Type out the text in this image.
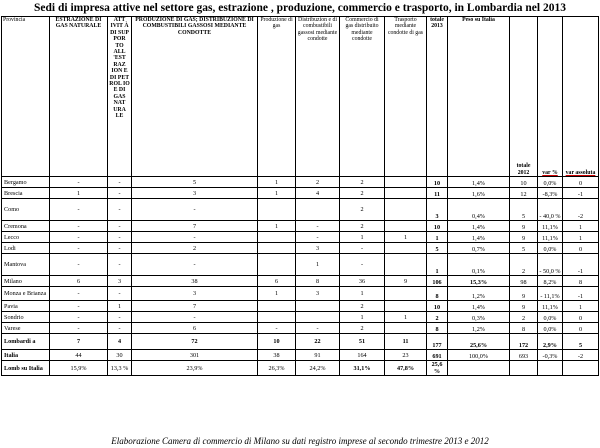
Sedi di impresa attive nel settore gas, estrazione , produzione, commercio e trasporto, in Lombardia nel 2013
Provincia	ESTRAZIONE DI GAS NATURALE	ATT IVIT À DI SUP POR TO ALL 'EST RAZ ION E DI PET ROL IO E DI GAS NAT URA LE	PRODUZIONE DI GAS; DISTRIBUZIONE DI COMBUSTIBILI GASSOSI MEDIANTE CONDOTTE	Produzione di gas	Distribuzion e di combustibili gassosi mediante condotte	Commercio di gas distribuito mediante condotte	Trasporto mediante condotte di gas	totale 2013	Peso su Italia	totale 2012	var %	var assoluta
Bergamo	-	-	5	1	2	2		10	1,4%	10	0,0%	0
Brescia	1	-	3	1	4	2		11	1,6%	12	-8,3%	-1
Como	-	-	-			2		3	0,4%	5	- 40,0 %	-2
Cremona	-	-	7	1	-	2		10	1,4%	9	11,1%	1
Lecco	-	-	-		-	1	1	1	1,4%	9	11,1%	1
Lodi	-	-	2		3	-		5	0,7%	5	0,0%	0
Mantova	-	-	-		1	-		1	0,1%	2	- 50,0 %	-1
Milano	6	3	38	6	8	36	9	106	15,3%	98	8,2%	8
Monza e Brianza	-	-	3	1	3	1		8	1,2%	9	- 11,1%	-1
Pavia	-	1	7			2		10	1,4%	9	11,1%	1
Sondrio	-	-	-			1	1	2	0,3%	2	0,0%	0
Varese	-	-	6	-	-	2		8	1,2%	8	0,0%	0
Lombardi a	7	4	72	10	22	51	11	177	25,6%	172	2,9%	5
Italia	44	30	301	38	91	164	23	691	100,0%	693	-0,3%	-2
Lomb su Italia	15,9%	13,3 %	23,9%	26,3%	24,2%	31,1%	47,8%	25,6 %				
Elaborazione Camera di commercio di Milano su dati registro imprese al secondo trimestre 2013 e 2012
